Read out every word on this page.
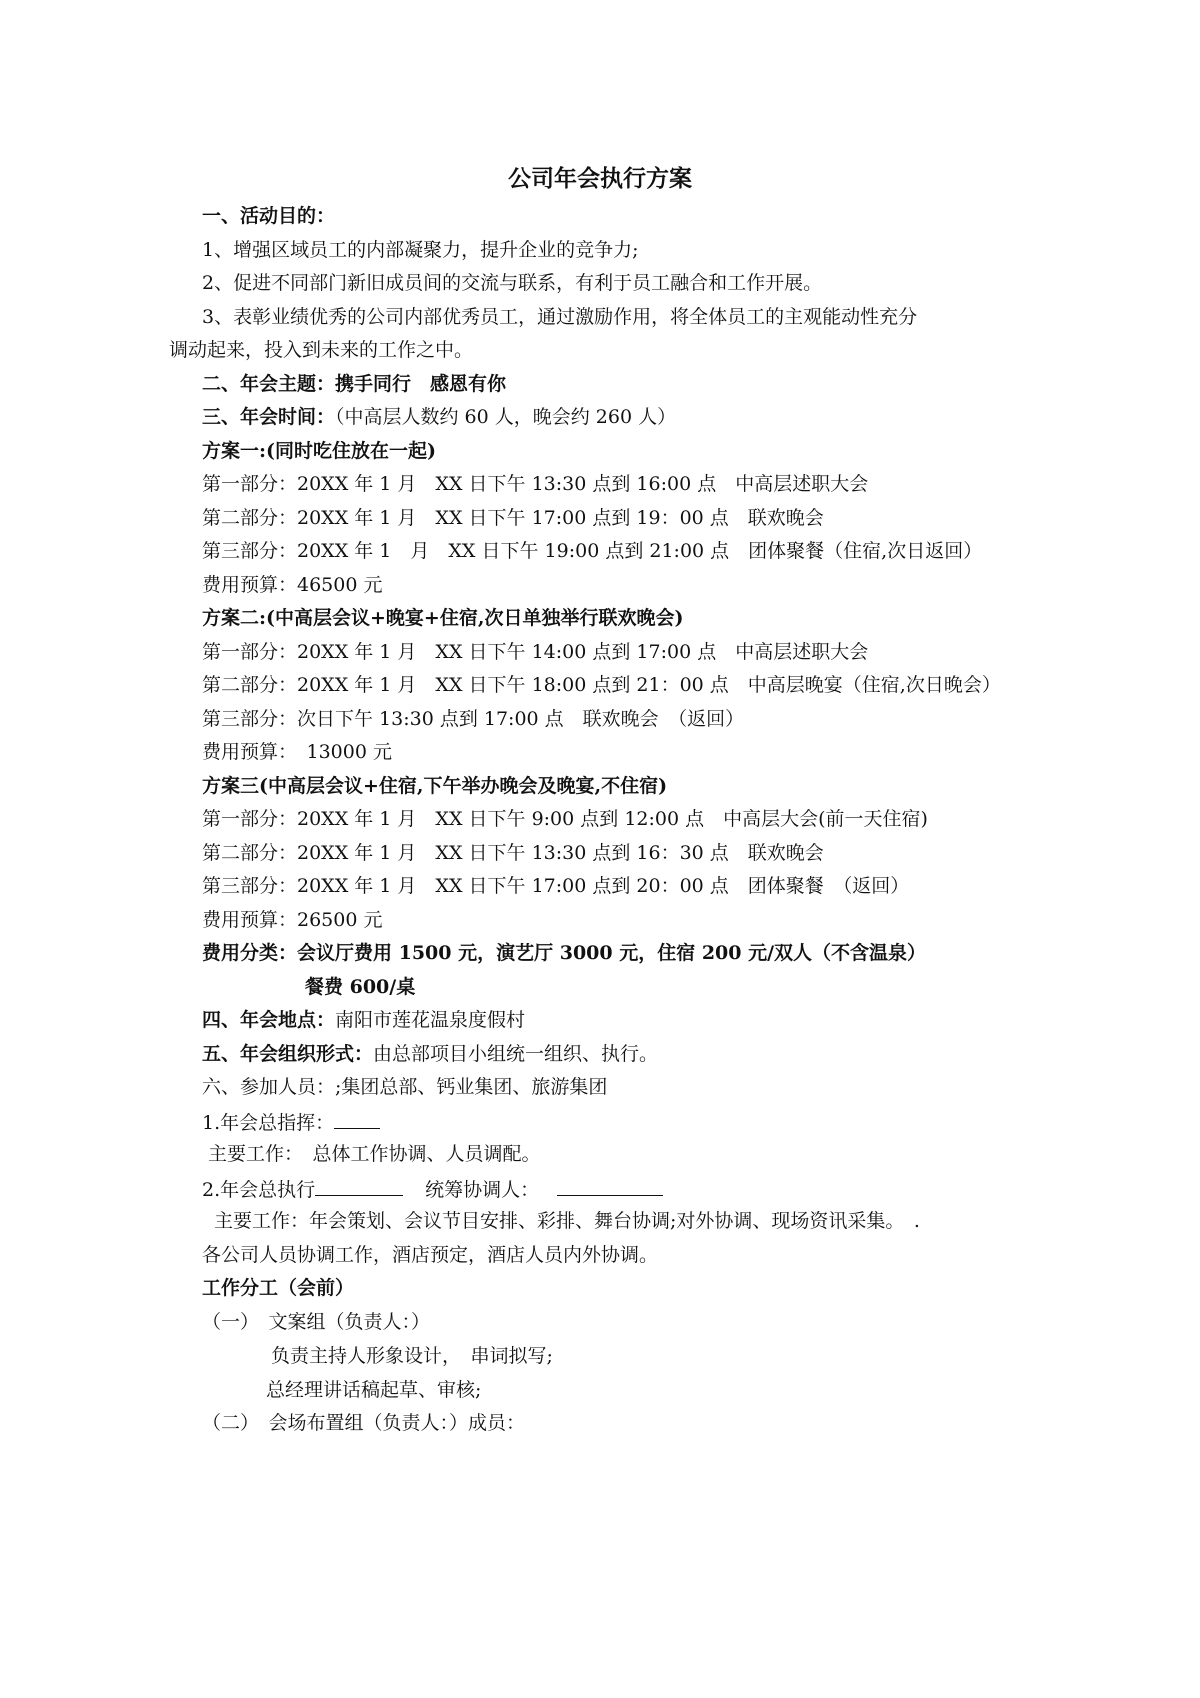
公司年会执行方案

一、活动目的：

1、增强区域员工的内部凝聚力，提升企业的竞争力;

2、促进不同部门新旧成员间的交流与联系，有利于员工融合和工作开展。

3、表彰业绩优秀的公司内部优秀员工，通过激励作用，将全体员工的主观能动性充分

调动起来，投入到未来的工作之中。

二、年会主题：携手同行　感恩有你

三、年会时间：（中高层人数约 60 人，晚会约 260 人）

方案一:(同时吃住放在一起)

第一部分：20XX 年 1 月　XX 日下午 13:30 点到 16:00 点　中高层述职大会

第二部分：20XX 年 1 月　XX 日下午 17:00 点到 19：00 点　联欢晚会

第三部分：20XX 年 1　月　XX 日下午 19:00 点到 21:00 点　团体聚餐（住宿,次日返回）

费用预算：46500 元

方案二:(中高层会议+晚宴+住宿,次日单独举行联欢晚会)

第一部分：20XX 年 1 月　XX 日下午 14:00 点到 17:00 点　中高层述职大会

第二部分：20XX 年 1 月　XX 日下午 18:00 点到 21：00 点　中高层晚宴（住宿,次日晚会）

第三部分：次日下午 13:30 点到 17:00 点　联欢晚会　（返回）

费用预算：　13000 元

方案三(中高层会议+住宿,下午举办晚会及晚宴,不住宿)

第一部分：20XX 年 1 月　XX 日下午 9:00 点到 12:00 点　中高层大会(前一天住宿)

第二部分：20XX 年 1 月　XX 日下午 13:30 点到 16：30 点　联欢晚会

第三部分：20XX 年 1 月　XX 日下午 17:00 点到 20：00 点　团体聚餐　（返回）

费用预算：26500 元

费用分类：会议厅费用 1500 元，演艺厅 3000 元，住宿 200 元/双人（不含温泉）

餐费 600/桌

四、年会地点：南阳市莲花温泉度假村

五、年会组织形式：由总部项目小组统一组织、执行。

六、参加人员：;集团总部、钙业集团、旅游集团

1.年会总指挥：

主要工作：　总体工作协调、人员调配。

2.年会总执行	统筹协调人：

主要工作：年会策划、会议节目安排、彩排、舞台协调;对外协调、现场资讯采集。　.

各公司人员协调工作，酒店预定，酒店人员内外协调。

工作分工（会前）

（一）　文案组（负责人：）

负责主持人形象设计，　串词拟写;

总经理讲话稿起草、审核;

（二）　会场布置组（负责人：）成员：
